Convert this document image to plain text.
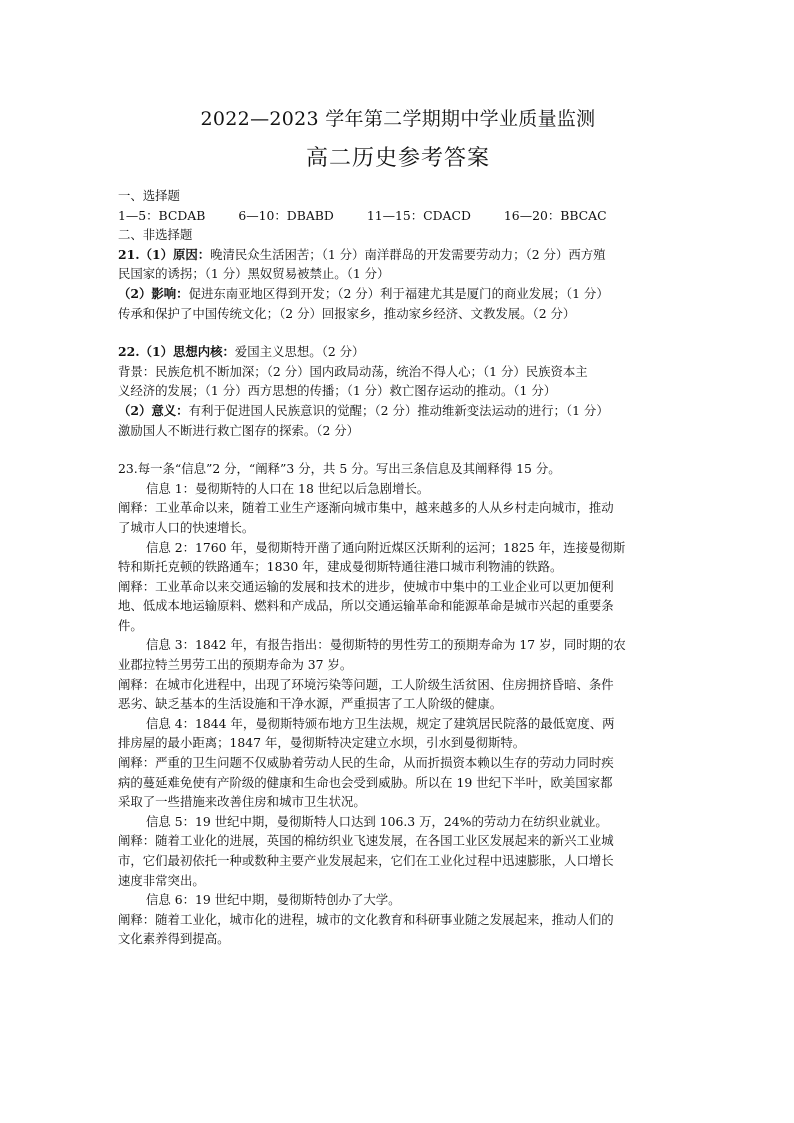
2022—2023 学年第二学期期中学业质量监测
高二历史参考答案
一、选择题
1—5：BCDAB	6—10：DBABD	11—15：CDACD	16—20：BBCAC
二、非选择题
21.（1）原因：晚清民众生活困苦；（1 分）南洋群岛的开发需要劳动力；（2 分）西方殖
民国家的诱拐；（1 分）黑奴贸易被禁止。（1 分）
（2）影响：促进东南亚地区得到开发；（2 分）利于福建尤其是厦门的商业发展；（1 分）
传承和保护了中国传统文化；（2 分）回报家乡，推动家乡经济、文教发展。（2 分）
22.（1）思想内核：爱国主义思想。（2 分）
背景：民族危机不断加深；（2 分）国内政局动荡，统治不得人心；（1 分）民族资本主
义经济的发展；（1 分）西方思想的传播；（1 分）救亡图存运动的推动。（1 分）
（2）意义：有利于促进国人民族意识的觉醒；（2 分）推动维新变法运动的进行；（1 分）
激励国人不断进行救亡图存的探索。（2 分）
23.每一条“信息”2 分，“阐释”3 分，共 5 分。写出三条信息及其阐释得 15 分。
信息 1：曼彻斯特的人口在 18 世纪以后急剧增长。
阐释：工业革命以来，随着工业生产逐渐向城市集中，越来越多的人从乡村走向城市，推动
了城市人口的快速增长。
信息 2：1760 年，曼彻斯特开凿了通向附近煤区沃斯利的运河；1825 年，连接曼彻斯
特和斯托克顿的铁路通车；1830 年，建成曼彻斯特通往港口城市利物浦的铁路。
阐释：工业革命以来交通运输的发展和技术的进步，使城市中集中的工业企业可以更加便利
地、低成本地运输原料、燃料和产成品，所以交通运输革命和能源革命是城市兴起的重要条
件。
信息 3：1842 年，有报告指出：曼彻斯特的男性劳工的预期寿命为 17 岁，同时期的农
业郡拉特兰男劳工出的预期寿命为 37 岁。
阐释：在城市化进程中，出现了环境污染等问题，工人阶级生活贫困、住房拥挤昏暗、条件
恶劣、缺乏基本的生活设施和干净水源，严重损害了工人阶级的健康。
信息 4：1844 年，曼彻斯特颁布地方卫生法规，规定了建筑居民院落的最低宽度、两
排房屋的最小距离；1847 年，曼彻斯特决定建立水坝，引水到曼彻斯特。
阐释：严重的卫生问题不仅威胁着劳动人民的生命，从而折损资本赖以生存的劳动力同时疾
病的蔓延难免使有产阶级的健康和生命也会受到威胁。所以在 19 世纪下半叶，欧美国家都
采取了一些措施来改善住房和城市卫生状况。
信息 5：19 世纪中期，曼彻斯特人口达到 106.3 万，24%的劳动力在纺织业就业。
阐释：随着工业化的进展，英国的棉纺织业飞速发展，在各国工业区发展起来的新兴工业城
市，它们最初依托一种或数种主要产业发展起来，它们在工业化过程中迅速膨胀，人口增长
速度非常突出。
信息 6：19 世纪中期，曼彻斯特创办了大学。
阐释：随着工业化，城市化的进程，城市的文化教育和科研事业随之发展起来，推动人们的
文化素养得到提高。
